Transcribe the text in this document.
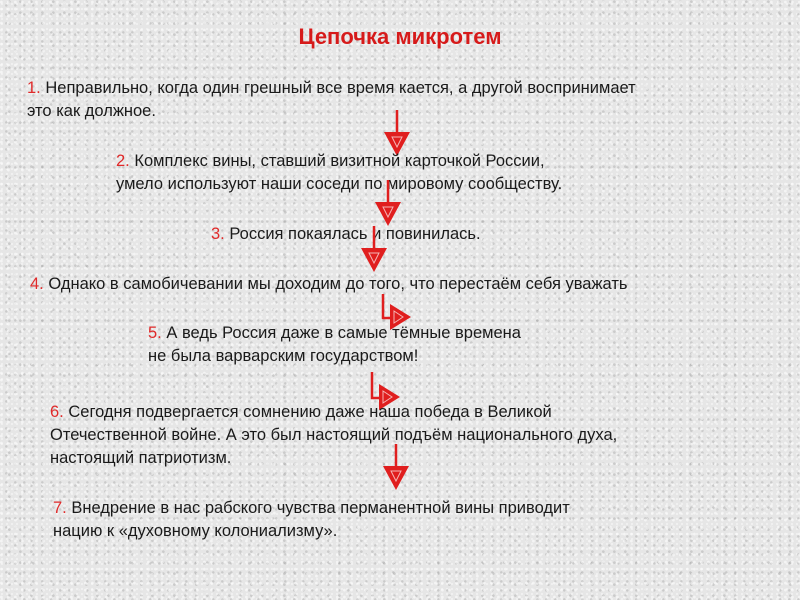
Цепочка микротем
1. Неправильно, когда один грешный все время кается, а другой воспринимает
это как должное.
2. Комплекс вины, ставший визитной карточкой России,
умело используют наши соседи по мировому сообществу.
3. Россия покаялась и повинилась.
4. Однако в самобичевании мы доходим до того, что перестаём себя уважать
5. А ведь Россия даже в самые тёмные времена
не была варварским государством!
6. Сегодня подвергается сомнению даже наша победа в Великой
Отечественной войне. А это был настоящий подъём национального духа,
настоящий патриотизм.
7. Внедрение в нас рабского чувства перманентной вины приводит
нацию к «духовному колониализму».
